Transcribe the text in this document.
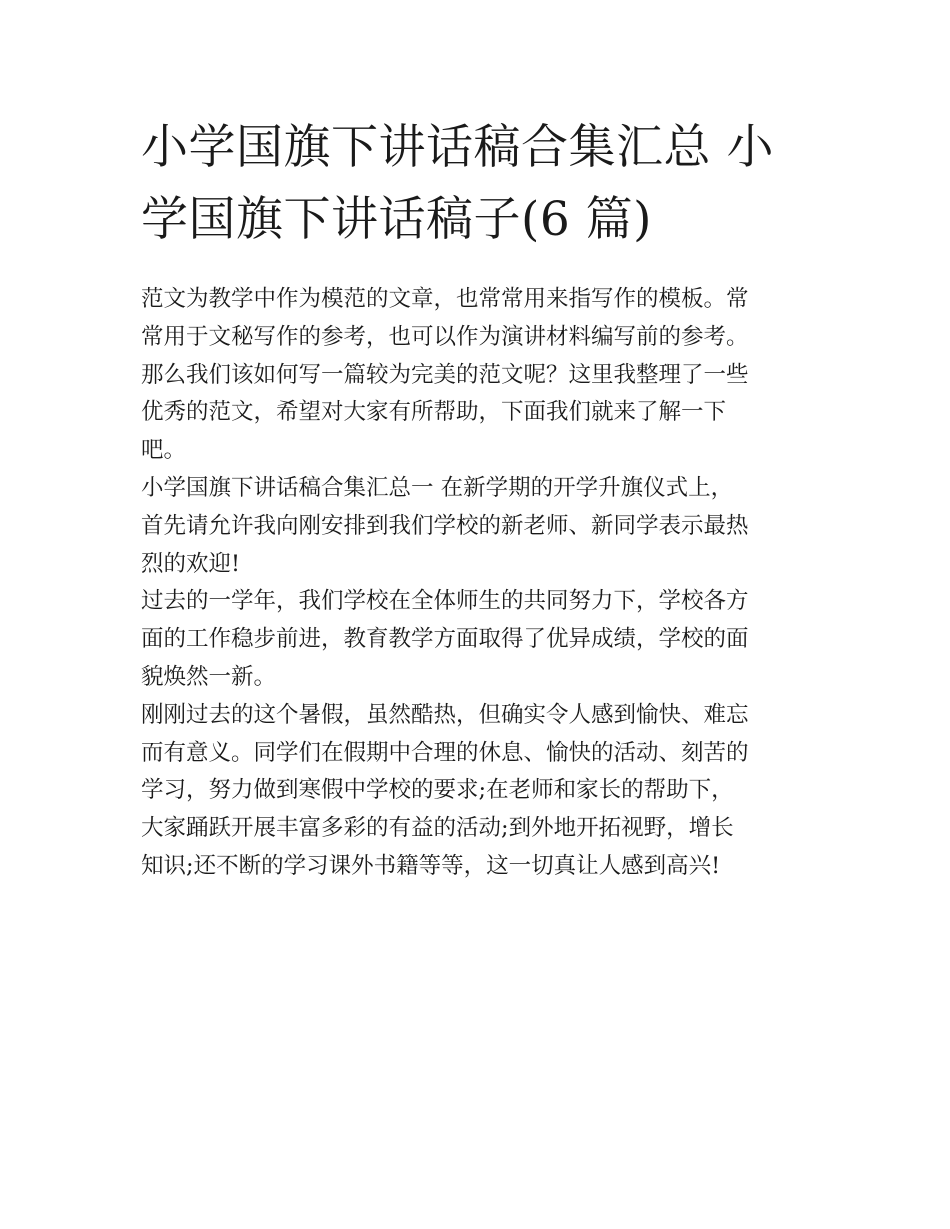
小学国旗下讲话稿合集汇总 小
学国旗下讲话稿子(6 篇)
范文为教学中作为模范的文章，也常常用来指写作的模板。常
常用于文秘写作的参考，也可以作为演讲材料编写前的参考。
那么我们该如何写一篇较为完美的范文呢？这里我整理了一些
优秀的范文，希望对大家有所帮助，下面我们就来了解一下
吧。
小学国旗下讲话稿合集汇总一 在新学期的开学升旗仪式上，
首先请允许我向刚安排到我们学校的新老师、新同学表示最热
烈的欢迎!
过去的一学年，我们学校在全体师生的共同努力下，学校各方
面的工作稳步前进，教育教学方面取得了优异成绩，学校的面
貌焕然一新。
刚刚过去的这个暑假，虽然酷热，但确实令人感到愉快、难忘
而有意义。同学们在假期中合理的休息、愉快的活动、刻苦的
学习，努力做到寒假中学校的要求;在老师和家长的帮助下，
大家踊跃开展丰富多彩的有益的活动;到外地开拓视野，增长
知识;还不断的学习课外书籍等等，这一切真让人感到高兴!
